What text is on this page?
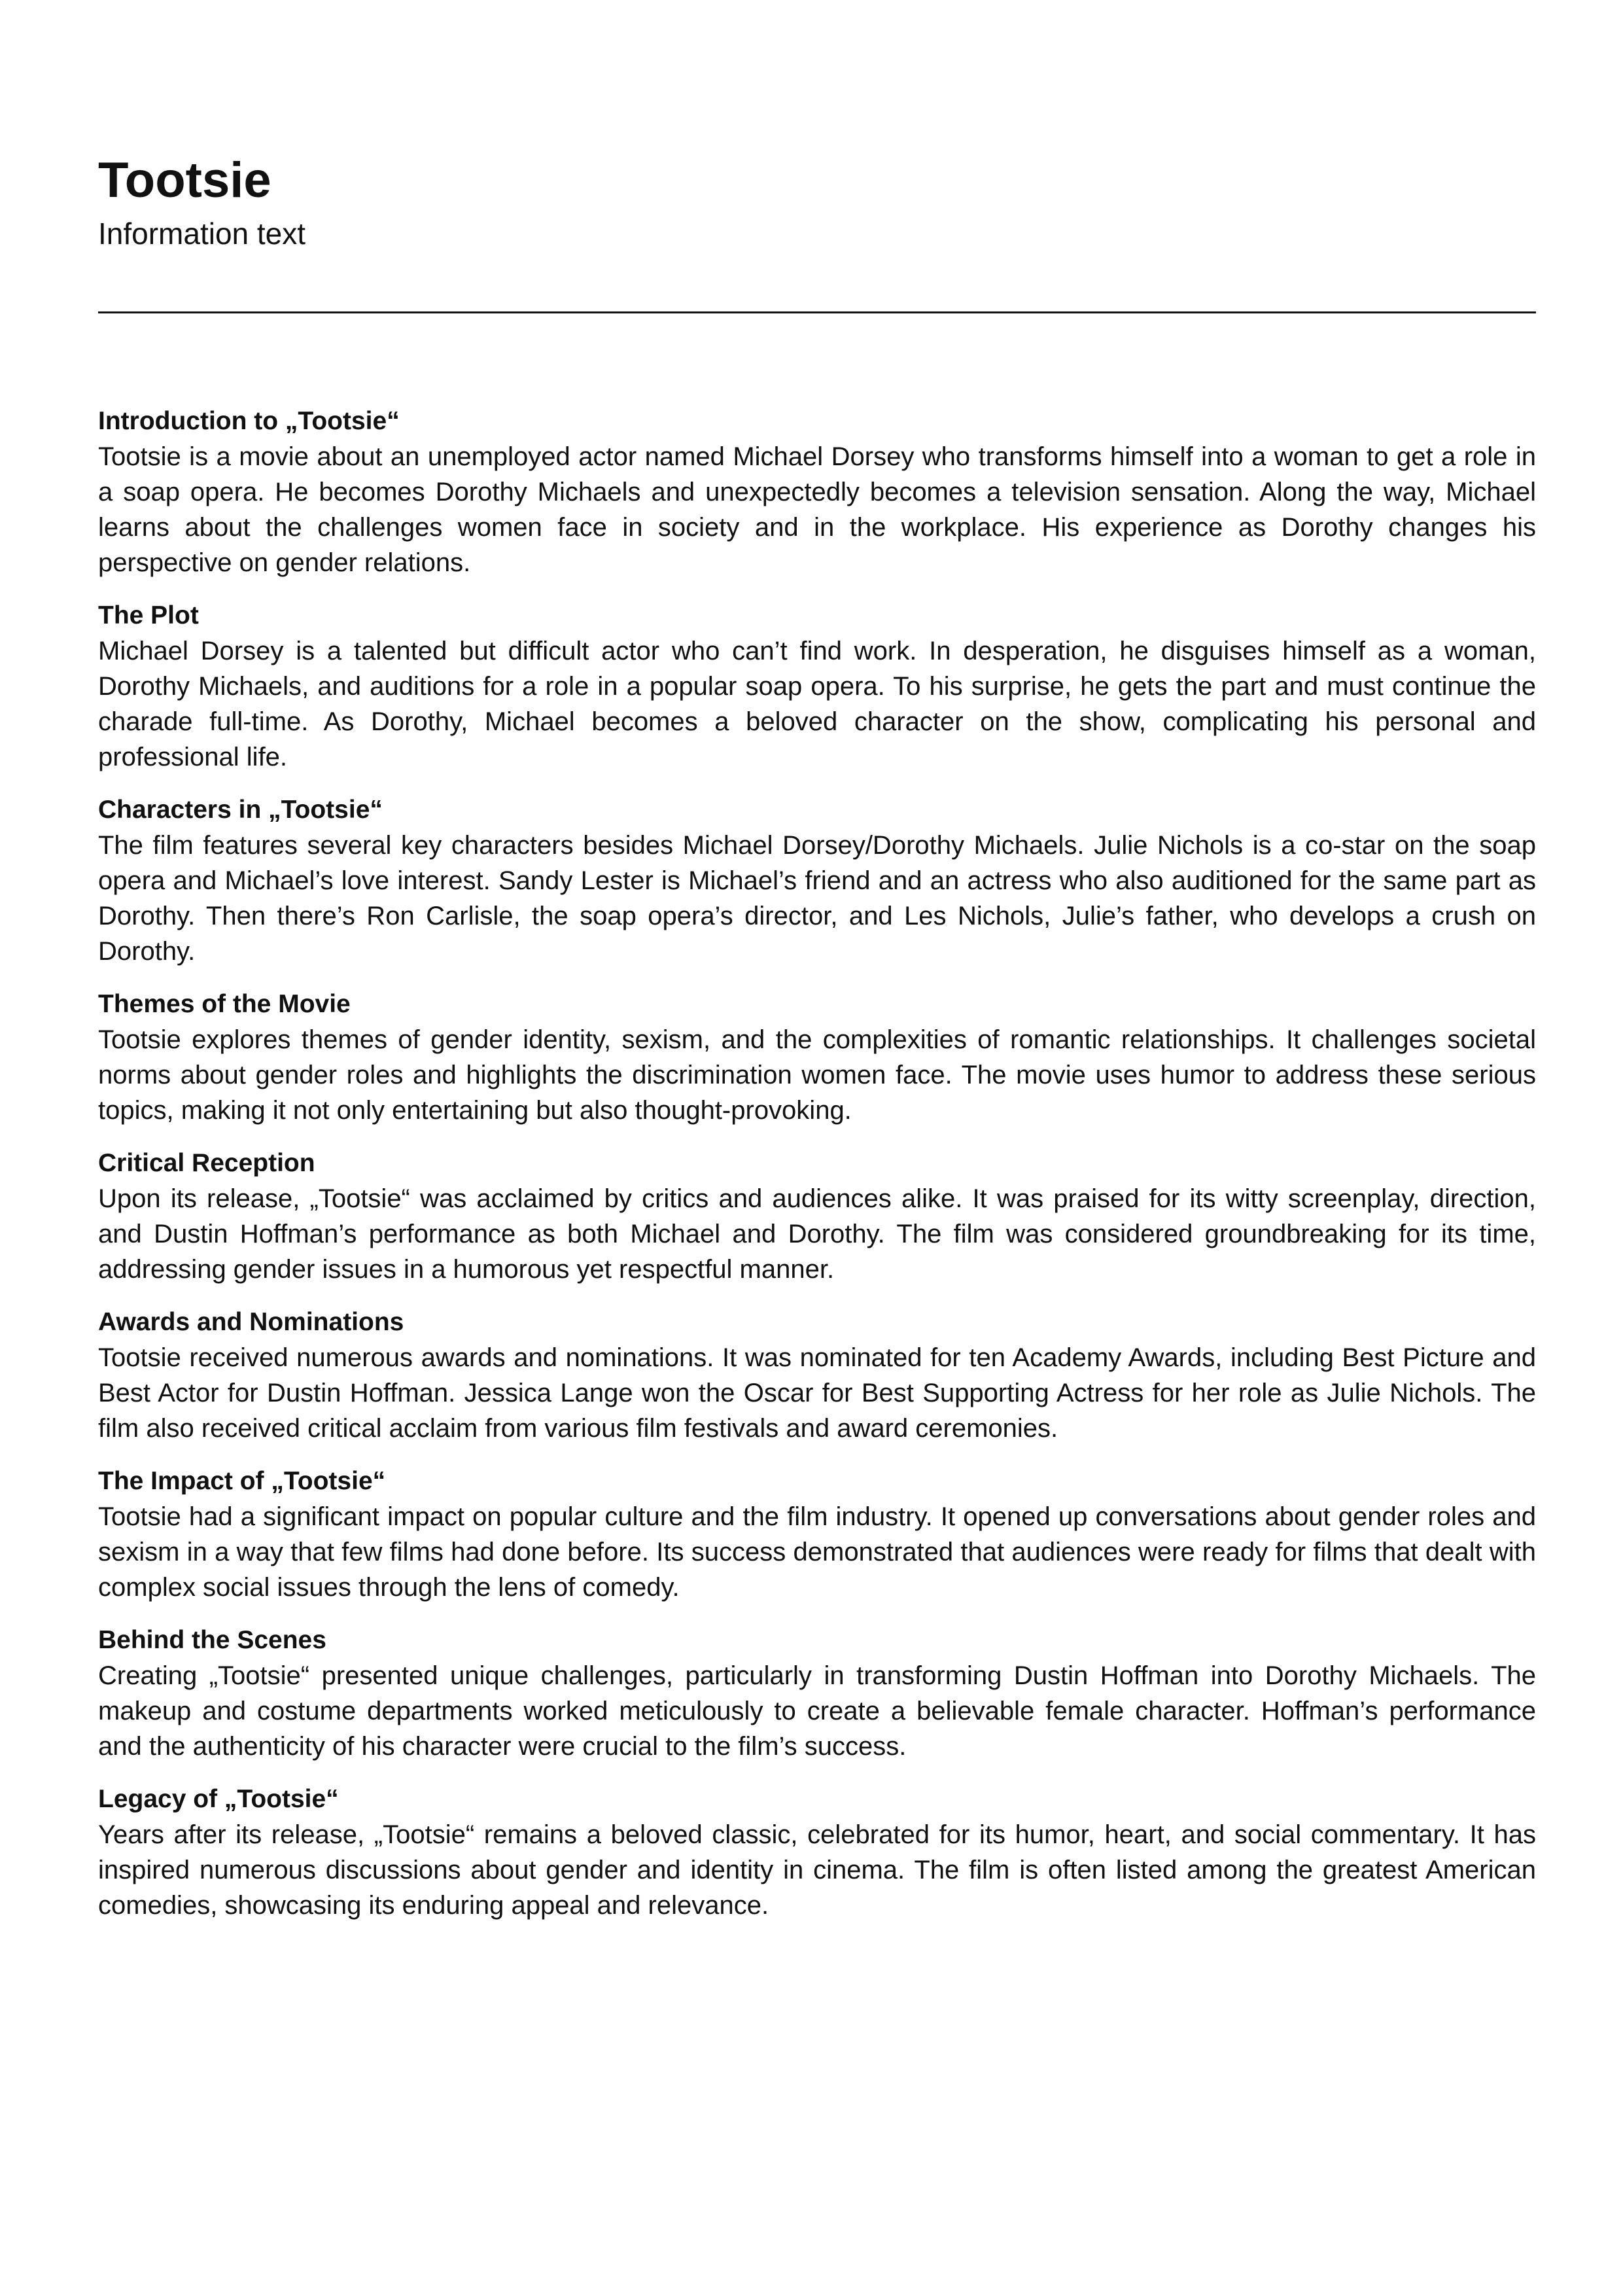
Tootsie

Information text

Introduction to „Tootsie“

Tootsie is a movie about an unemployed actor named Michael Dorsey who transforms himself into a woman to get a role in a soap opera. He becomes Dorothy Michaels and unexpectedly becomes a television sensation. Along the way, Michael learns about the challenges women face in society and in the workplace. His experience as Dorothy changes his perspective on gender relations.

The Plot

Michael Dorsey is a talented but difficult actor who can’t find work. In desperation, he disguises himself as a woman, Dorothy Michaels, and auditions for a role in a popular soap opera. To his surprise, he gets the part and must continue the charade full-time. As Dorothy, Michael becomes a beloved character on the show, complicating his personal and professional life.

Characters in „Tootsie“

The film features several key characters besides Michael Dorsey/Dorothy Michaels. Julie Nichols is a co-star on the soap opera and Michael’s love interest. Sandy Lester is Michael’s friend and an actress who also auditioned for the same part as Dorothy. Then there’s Ron Carlisle, the soap opera’s director, and Les Nichols, Julie’s father, who develops a crush on Dorothy.

Themes of the Movie

Tootsie explores themes of gender identity, sexism, and the complexities of romantic relationships. It challenges societal norms about gender roles and highlights the discrimination women face. The movie uses humor to address these serious topics, making it not only entertaining but also thought-provoking.

Critical Reception

Upon its release, „Tootsie“ was acclaimed by critics and audiences alike. It was praised for its witty screenplay, direction, and Dustin Hoffman’s performance as both Michael and Dorothy. The film was considered groundbreaking for its time, addressing gender issues in a humorous yet respectful manner.

Awards and Nominations

Tootsie received numerous awards and nominations. It was nominated for ten Academy Awards, including Best Picture and Best Actor for Dustin Hoffman. Jessica Lange won the Oscar for Best Supporting Actress for her role as Julie Nichols. The film also received critical acclaim from various film festivals and award ceremonies.

The Impact of „Tootsie“

Tootsie had a significant impact on popular culture and the film industry. It opened up conversations about gender roles and sexism in a way that few films had done before. Its success demonstrated that audiences were ready for films that dealt with complex social issues through the lens of comedy.

Behind the Scenes

Creating „Tootsie“ presented unique challenges, particularly in transforming Dustin Hoffman into Dorothy Michaels. The makeup and costume departments worked meticulously to create a believable female character. Hoffman’s performance and the authenticity of his character were crucial to the film’s success.

Legacy of „Tootsie“

Years after its release, „Tootsie“ remains a beloved classic, celebrated for its humor, heart, and social commentary. It has inspired numerous discussions about gender and identity in cinema. The film is often listed among the greatest American comedies, showcasing its enduring appeal and relevance.
